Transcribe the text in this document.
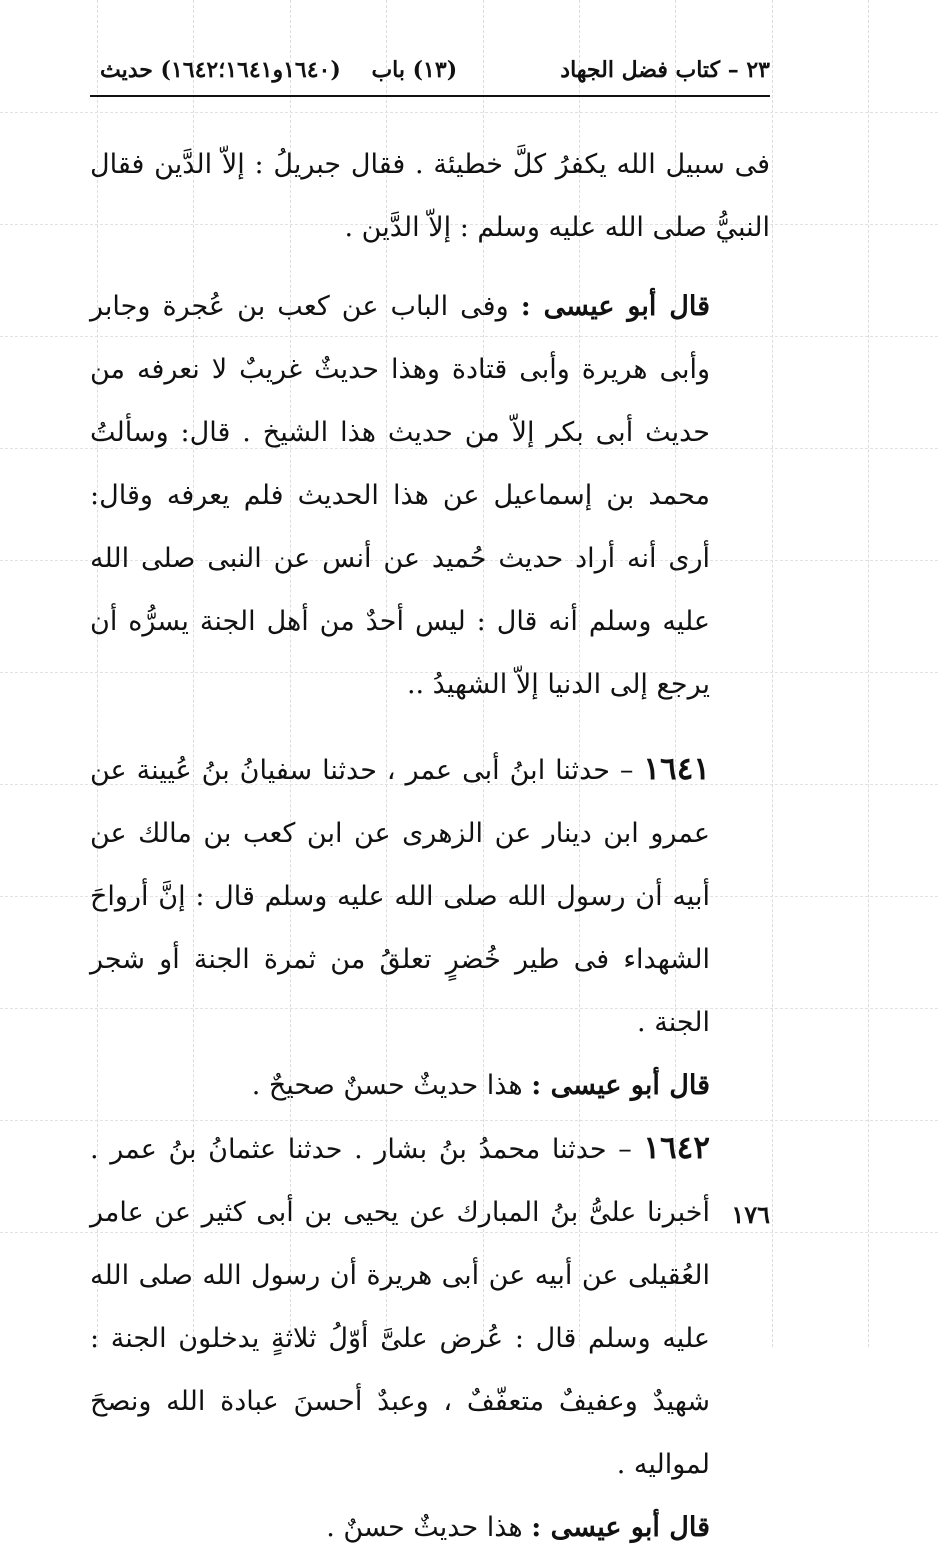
٢٣ – كتاب فضل الجهاد
(١٣) باب    (١٦٤٠و١٦٤١؛١٦٤٢) حديث

فى سبيل الله يكفرُ كلَّ خطيئة . فقال جبريلُ : إلاّ الدَّين فقال النبيُّ صلى الله عليه وسلم : إلاّ الدَّين .

قال أبو عيسى : وفى الباب عن كعب بن عُجرة وجابر وأبى هريرة وأبى قتادة وهذا حديثٌ غريبٌ لا نعرفه من حديث أبى بكر إلاّ من حديث هذا الشيخ . قال: وسألتُ محمد بن إسماعيل عن هذا الحديث فلم يعرفه وقال: أرى أنه أراد حديث حُميد عن أنس عن النبى صلى الله عليه وسلم أنه قال : ليس أحدٌ من أهل الجنة يسرُّه أن يرجع إلى الدنيا إلاّ الشهيدُ ..

١٦٤١ – حدثنا ابنُ أبى عمر ، حدثنا سفيانُ بنُ عُيينة عن عمرو ابن دينار عن الزهرى عن ابن كعب بن مالك عن أبيه أن رسول الله صلى الله عليه وسلم قال : إنَّ أرواحَ الشهداء فى طير خُضرٍ تعلقُ من ثمرة الجنة أو شجر الجنة .

قال أبو عيسى : هذا حديثٌ حسنٌ صحيحٌ .

١٦٤٢ – حدثنا محمدُ بنُ بشار . حدثنا عثمانُ بنُ عمر . أخبرنا علىُّ بنُ المبارك عن يحيى بن أبى كثير عن عامر العُقيلى عن أبيه عن أبى هريرة أن رسول الله صلى الله عليه وسلم قال : عُرض علىَّ أوّلُ ثلاثةٍ يدخلون الجنة : شهيدٌ وعفيفٌ متعفّفٌ ، وعبدٌ أحسنَ عبادة الله ونصحَ لمواليه .

قال أبو عيسى : هذا حديثٌ حسنٌ .

١٧٦
